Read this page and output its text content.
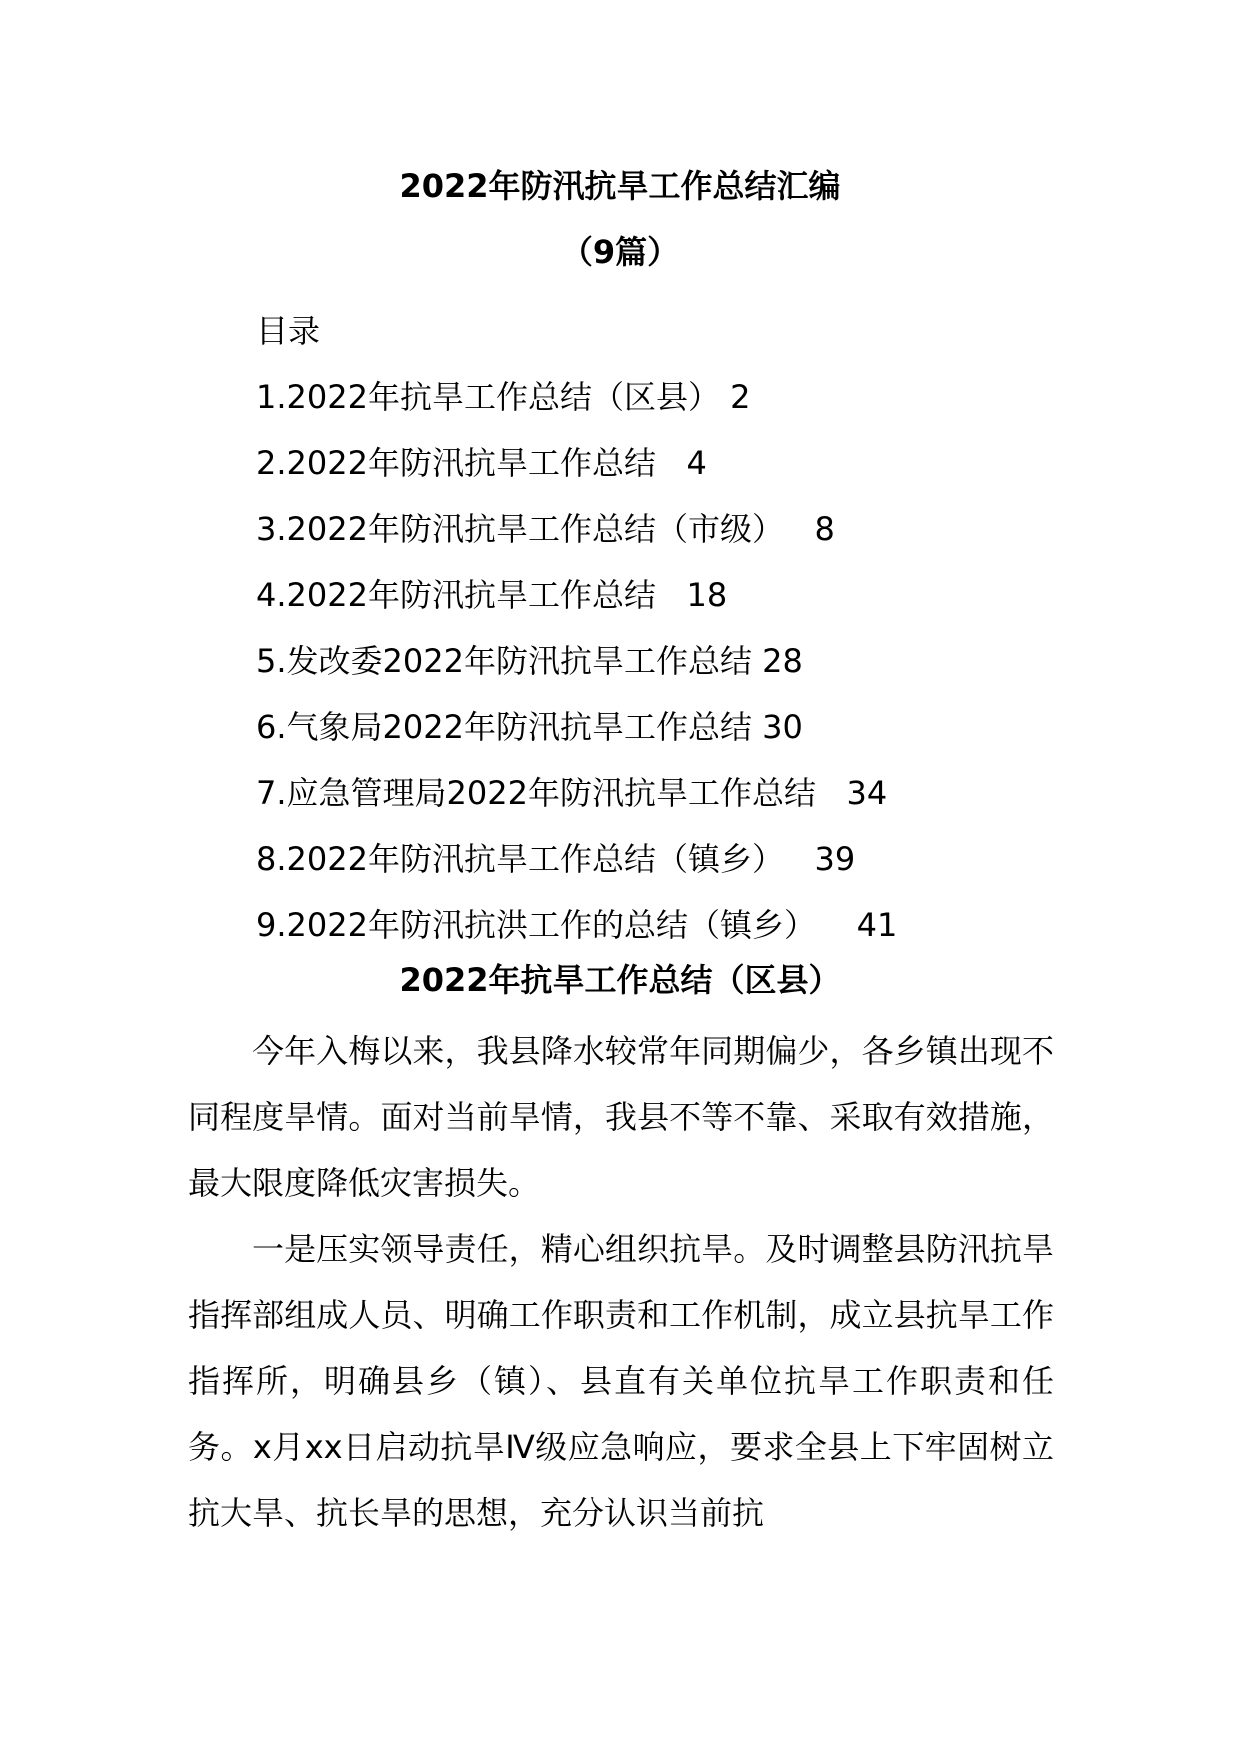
2022年防汛抗旱工作总结汇编
（9篇）
目录
1.2022年抗旱工作总结（区县） 2
2.2022年防汛抗旱工作总结 4
3.2022年防汛抗旱工作总结（市级） 8
4.2022年防汛抗旱工作总结 18
5.发改委2022年防汛抗旱工作总结 28
6.气象局2022年防汛抗旱工作总结 30
7.应急管理局2022年防汛抗旱工作总结 34
8.2022年防汛抗旱工作总结（镇乡） 39
9.2022年防汛抗洪工作的总结（镇乡） 41
2022年抗旱工作总结（区县）

今年入梅以来，我县降水较常年同期偏少，各乡镇出现不同程度旱情。面对当前旱情，我县不等不靠、采取有效措施，最大限度降低灾害损失。

一是压实领导责任，精心组织抗旱。及时调整县防汛抗旱指挥部组成人员、明确工作职责和工作机制，成立县抗旱工作指挥所，明确县乡（镇）、县直有关单位抗旱工作职责和任务。x月xx日启动抗旱Ⅳ级应急响应，要求全县上下牢固树立抗大旱、抗长旱的思想，充分认识当前抗
